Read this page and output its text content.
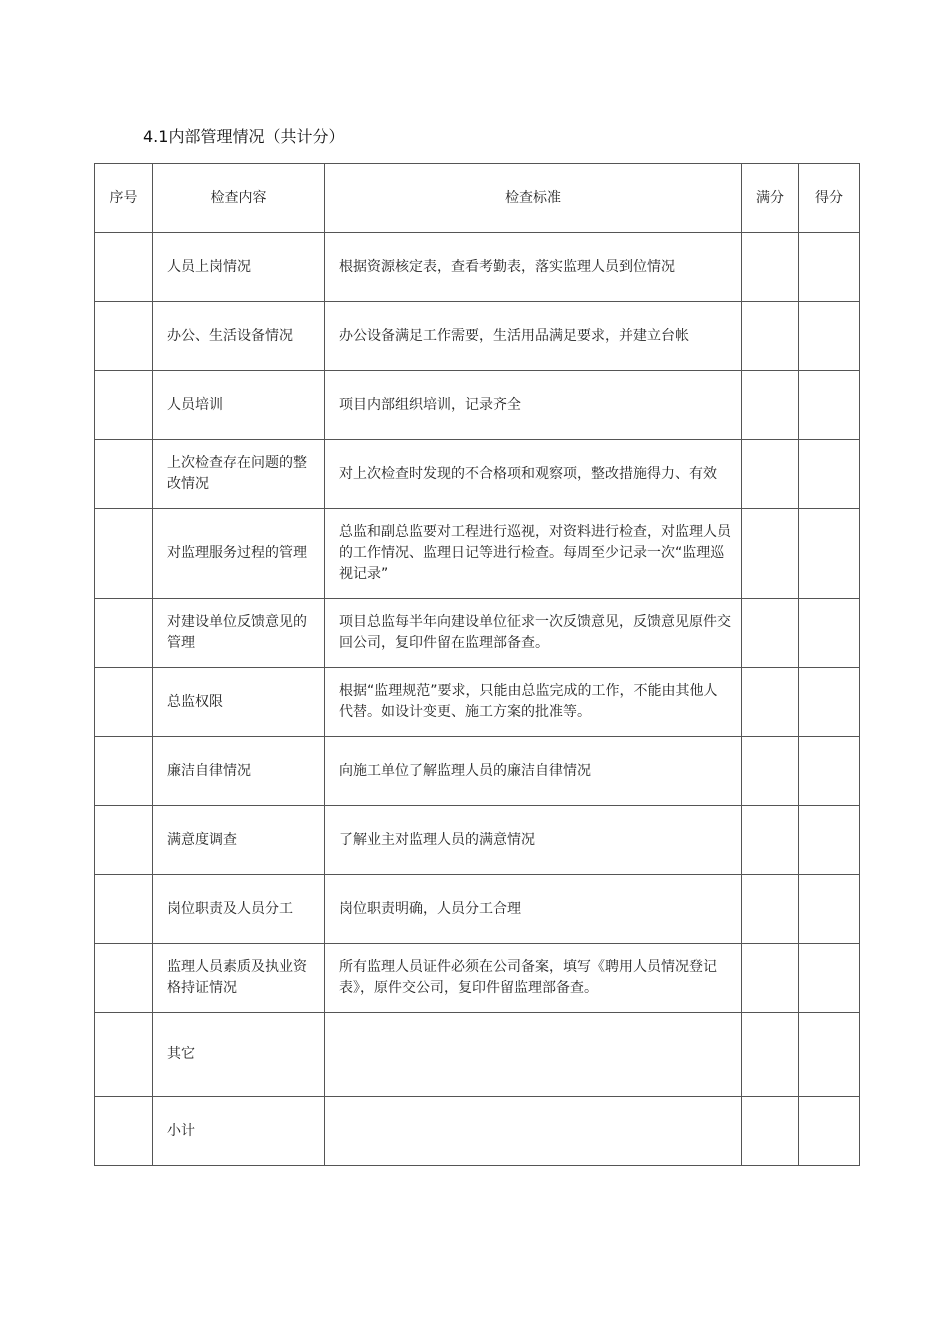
4.1内部管理情况（共计分）
序号	检查内容	检查标准	满分	得分
	人员上岗情况	根据资源核定表，查看考勤表，落实监理人员到位情况		
	办公、生活设备情况	办公设备满足工作需要，生活用品满足要求，并建立台帐		
	人员培训	项目内部组织培训，记录齐全		
	上次检查存在问题的整改情况	对上次检查时发现的不合格项和观察项，整改措施得力、有效		
	对监理服务过程的管理	总监和副总监要对工程进行巡视，对资料进行检查，对监理人员的工作情况、监理日记等进行检查。每周至少记录一次“监理巡视记录”		
	对建设单位反馈意见的管理	项目总监每半年向建设单位征求一次反馈意见，反馈意见原件交回公司，复印件留在监理部备查。		
	总监权限	根据“监理规范”要求，只能由总监完成的工作，不能由其他人代替。如设计变更、施工方案的批准等。		
	廉洁自律情况	向施工单位了解监理人员的廉洁自律情况		
	满意度调查	了解业主对监理人员的满意情况		
	岗位职责及人员分工	岗位职责明确，人员分工合理		
	监理人员素质及执业资格持证情况	所有监理人员证件必须在公司备案，填写《聘用人员情况登记表》，原件交公司，复印件留监理部备查。		
	其它			
	小计			
